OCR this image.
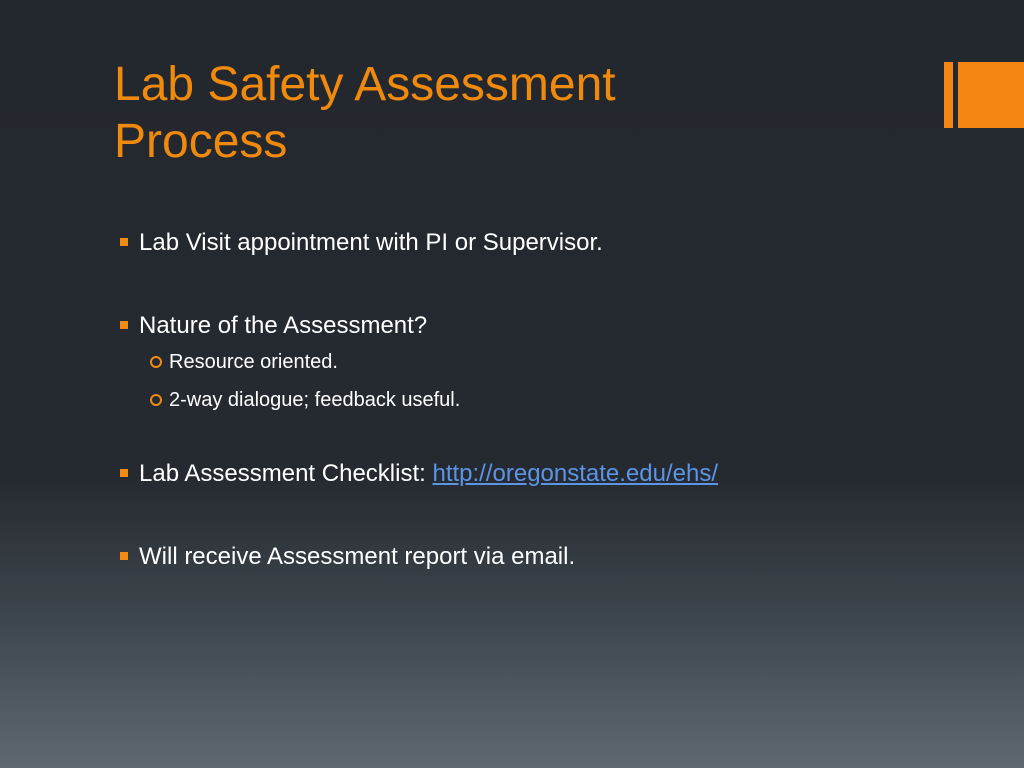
Lab Safety Assessment
Process
Lab Visit appointment with PI or Supervisor.
Nature of the Assessment?
Resource oriented.
2-way dialogue; feedback useful.
Lab Assessment Checklist: http://oregonstate.edu/ehs/
Will receive Assessment report via email.
